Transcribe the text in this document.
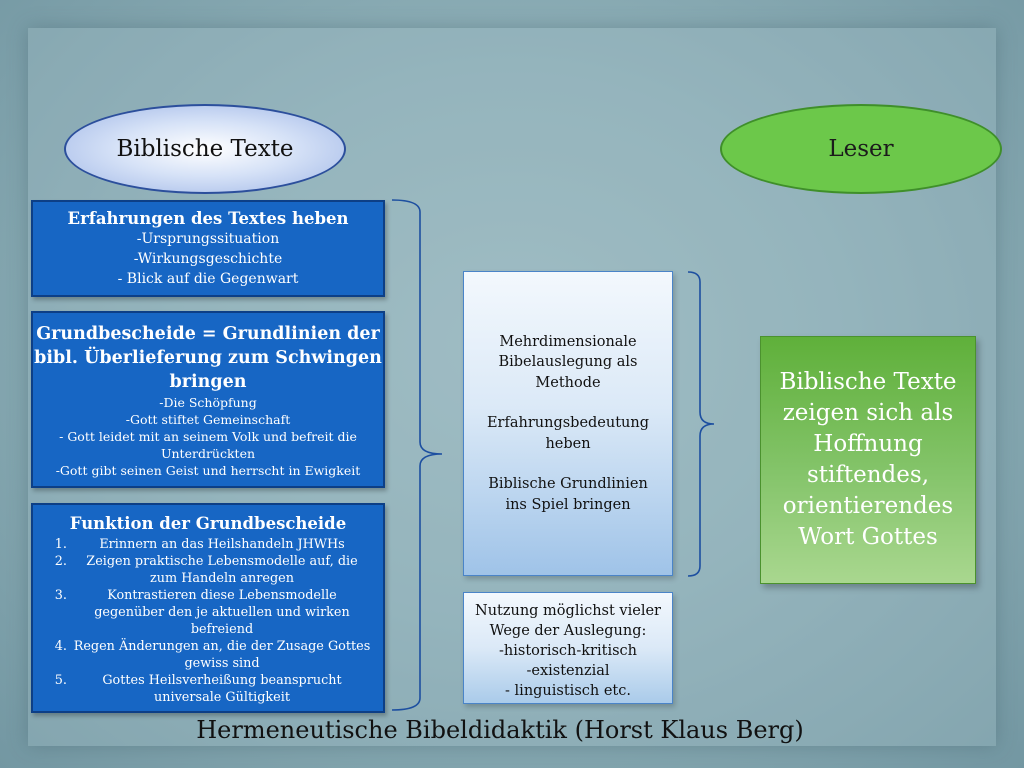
Biblische Texte	Leser
Erfahrungen des Textes heben
-Ursprungssituation
-Wirkungsgeschichte
- Blick auf die Gegenwart
Grundbescheide = Grundlinien der
bibl. Überlieferung zum Schwingen
bringen
-Die Schöpfung
-Gott stiftet Gemeinschaft
- Gott leidet mit an seinem Volk und befreit die
Unterdrückten
-Gott gibt seinen Geist und herrscht in Ewigkeit
Funktion der Grundbescheide
1. Erinnern an das Heilshandeln JHWHs
2. Zeigen praktische Lebensmodelle auf, die zum Handeln anregen
3. Kontrastieren diese Lebensmodelle gegenüber den je aktuellen und wirken befreiend
4. Regen Änderungen an, die der Zusage Gottes gewiss sind
5. Gottes Heilsverheißung beansprucht universale Gültigkeit
Mehrdimensionale
Bibelauslegung als
Methode
Erfahrungsbedeutung
heben
Biblische Grundlinien
ins Spiel bringen
Nutzung möglichst vieler
Wege der Auslegung:
-historisch-kritisch
-existenzial
- linguistisch etc.
Biblische Texte
zeigen sich als
Hoffnung
stiftendes,
orientierendes
Wort Gottes
Hermeneutische Bibeldidaktik (Horst Klaus Berg)
